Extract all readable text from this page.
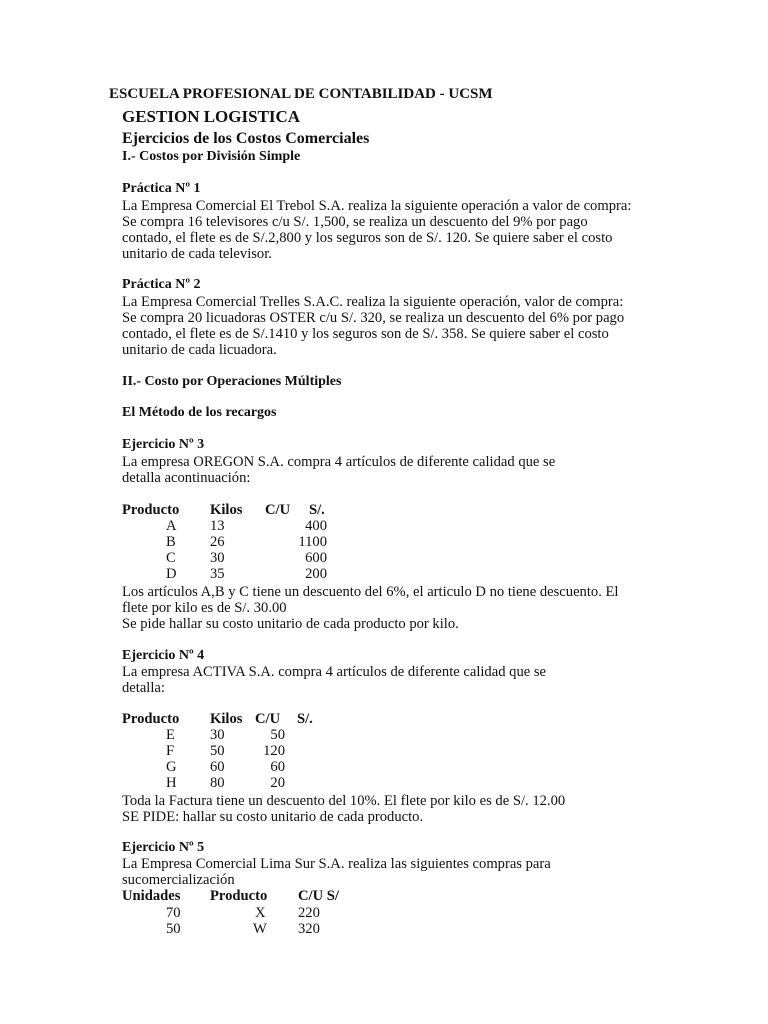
ESCUELA PROFESIONAL DE CONTABILIDAD - UCSM
GESTION LOGISTICA
Ejercicios de los Costos Comerciales
I.- Costos por División Simple
Práctica Nº 1
La Empresa Comercial El Trebol S.A. realiza la siguiente operación a valor de compra:
Se compra 16 televisores c/u S/. 1,500, se realiza un descuento del 9% por pago
contado, el flete es de S/.2,800 y los seguros son de S/. 120. Se quiere saber el costo
unitario de cada televisor.
Práctica Nº 2
La Empresa Comercial Trelles S.A.C. realiza la siguiente operación, valor de compra:
Se compra 20 licuadoras OSTER c/u S/. 320, se realiza un descuento del 6% por pago
contado, el flete es de S/.1410 y los seguros son de S/. 358. Se quiere saber el costo
unitario de cada licuadora.
II.- Costo por Operaciones Múltiples
El Método de los recargos
Ejercicio Nº 3
La empresa OREGON S.A. compra 4 artículos de diferente calidad que se
detalla acontinuación:
Producto Kilos C/U S/.
A 13	400
B 26	1100
C 30	600
D 35	200
Los artículos A,B y C tiene un descuento del 6%, el articulo D no tiene descuento. El
flete por kilo es de S/. 30.00
Se pide hallar su costo unitario de cada producto por kilo.
Ejercicio Nº 4
La empresa ACTIVA S.A. compra 4 artículos de diferente calidad que se
detalla:
Producto Kilos C/U S/.
E 30	50
F 50	120
G 60	60
H 80	20
Toda la Factura tiene un descuento del 10%. El flete por kilo es de S/. 12.00
SE PIDE: hallar su costo unitario de cada producto.
Ejercicio Nº 5
La Empresa Comercial Lima Sur S.A. realiza las siguientes compras para
sucomercialización
Unidades Producto C/U S/
70	X 220
50	W 320
